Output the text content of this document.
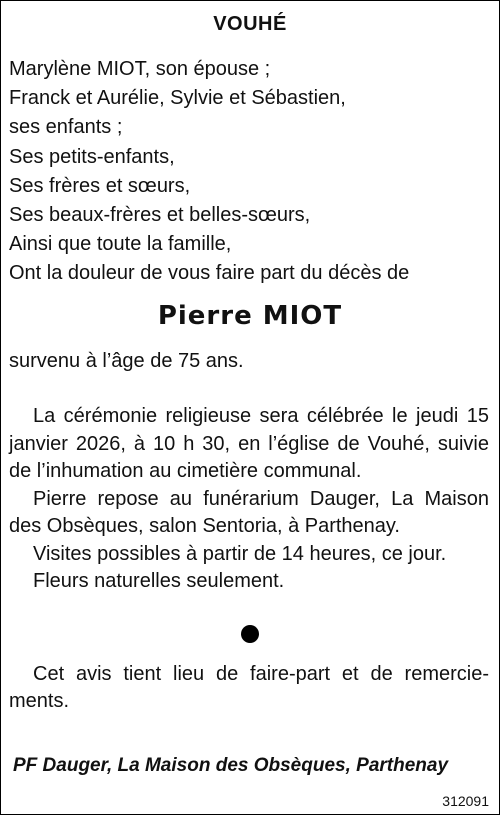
VOUHÉ
Marylène MIOT, son épouse ;
Franck et Aurélie, Sylvie et Sébastien,
ses enfants ;
Ses petits-enfants,
Ses frères et sœurs,
Ses beaux-frères et belles-sœurs,
Ainsi que toute la famille,
Ont la douleur de vous faire part du décès de
Pierre MIOT
survenu à l’âge de 75 ans.

La cérémonie religieuse sera célébrée le jeudi 15 janvier 2026, à 10 h 30, en l’église de Vouhé, suivie de l’inhumation au cimetière communal.

Pierre repose au funérarium Dauger, La Maison des Obsèques, salon Sentoria, à Parthenay.

Visites possibles à partir de 14 heures, ce jour.

Fleurs naturelles seulement.

Cet avis tient lieu de faire-part et de remerciements.

PF Dauger, La Maison des Obsèques, Parthenay
312091
